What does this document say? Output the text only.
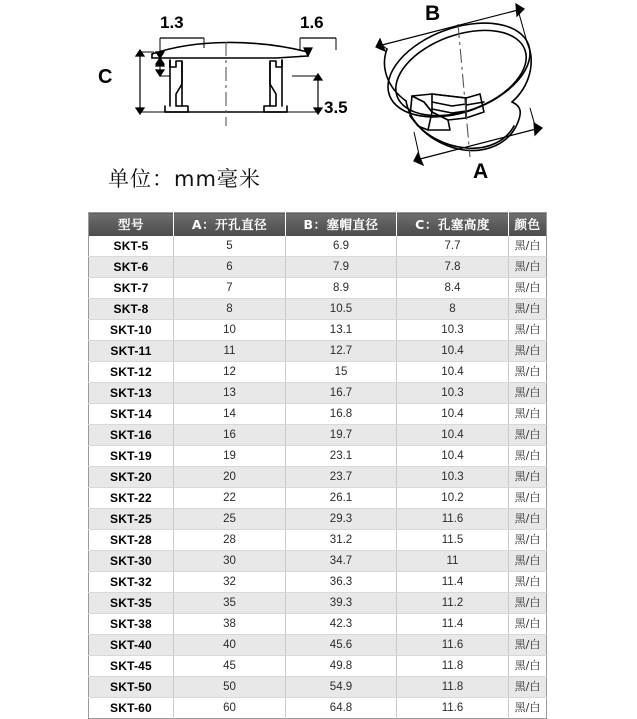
1.3	1.6
C
3.5
B
A
单位：mm毫米
型号	A：开孔直径	B：塞帽直径	C：孔塞高度	颜色
SKT-5	5	6.9	7.7	黑/白
SKT-6	6	7.9	7.8	黑/白
SKT-7	7	8.9	8.4	黑/白
SKT-8	8	10.5	8	黑/白
SKT-10	10	13.1	10.3	黑/白
SKT-11	11	12.7	10.4	黑/白
SKT-12	12	15	10.4	黑/白
SKT-13	13	16.7	10.3	黑/白
SKT-14	14	16.8	10.4	黑/白
SKT-16	16	19.7	10.4	黑/白
SKT-19	19	23.1	10.4	黑/白
SKT-20	20	23.7	10.3	黑/白
SKT-22	22	26.1	10.2	黑/白
SKT-25	25	29.3	11.6	黑/白
SKT-28	28	31.2	11.5	黑/白
SKT-30	30	34.7	11	黑/白
SKT-32	32	36.3	11.4	黑/白
SKT-35	35	39.3	11.2	黑/白
SKT-38	38	42.3	11.4	黑/白
SKT-40	40	45.6	11.6	黑/白
SKT-45	45	49.8	11.8	黑/白
SKT-50	50	54.9	11.8	黑/白
SKT-60	60	64.8	11.6	黑/白
